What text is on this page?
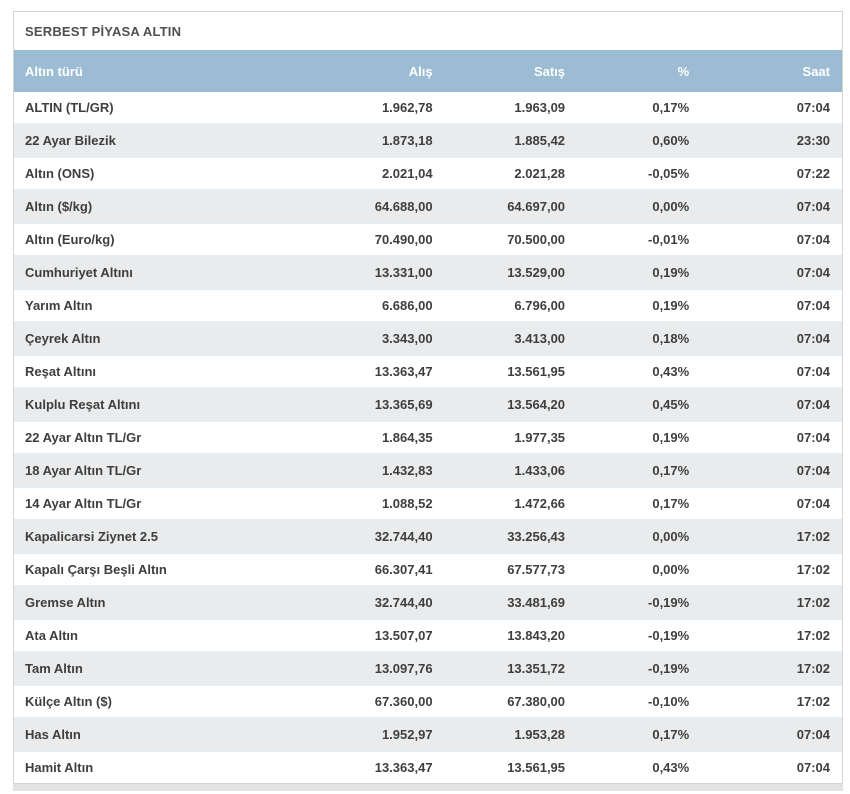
SERBEST PİYASA ALTIN
Altın türü	Alış	Satış	%	Saat
ALTIN (TL/GR)	1.962,78	1.963,09	0,17%	07:04
22 Ayar Bilezik	1.873,18	1.885,42	0,60%	23:30
Altın (ONS)	2.021,04	2.021,28	-0,05%	07:22
Altın ($/kg)	64.688,00	64.697,00	0,00%	07:04
Altın (Euro/kg)	70.490,00	70.500,00	-0,01%	07:04
Cumhuriyet Altını	13.331,00	13.529,00	0,19%	07:04
Yarım Altın	6.686,00	6.796,00	0,19%	07:04
Çeyrek Altın	3.343,00	3.413,00	0,18%	07:04
Reşat Altını	13.363,47	13.561,95	0,43%	07:04
Kulplu Reşat Altını	13.365,69	13.564,20	0,45%	07:04
22 Ayar Altın TL/Gr	1.864,35	1.977,35	0,19%	07:04
18 Ayar Altın TL/Gr	1.432,83	1.433,06	0,17%	07:04
14 Ayar Altın TL/Gr	1.088,52	1.472,66	0,17%	07:04
Kapalicarsi Ziynet 2.5	32.744,40	33.256,43	0,00%	17:02
Kapalı Çarşı Beşli Altın	66.307,41	67.577,73	0,00%	17:02
Gremse Altın	32.744,40	33.481,69	-0,19%	17:02
Ata Altın	13.507,07	13.843,20	-0,19%	17:02
Tam Altın	13.097,76	13.351,72	-0,19%	17:02
Külçe Altın ($)	67.360,00	67.380,00	-0,10%	17:02
Has Altın	1.952,97	1.953,28	0,17%	07:04
Hamit Altın	13.363,47	13.561,95	0,43%	07:04
